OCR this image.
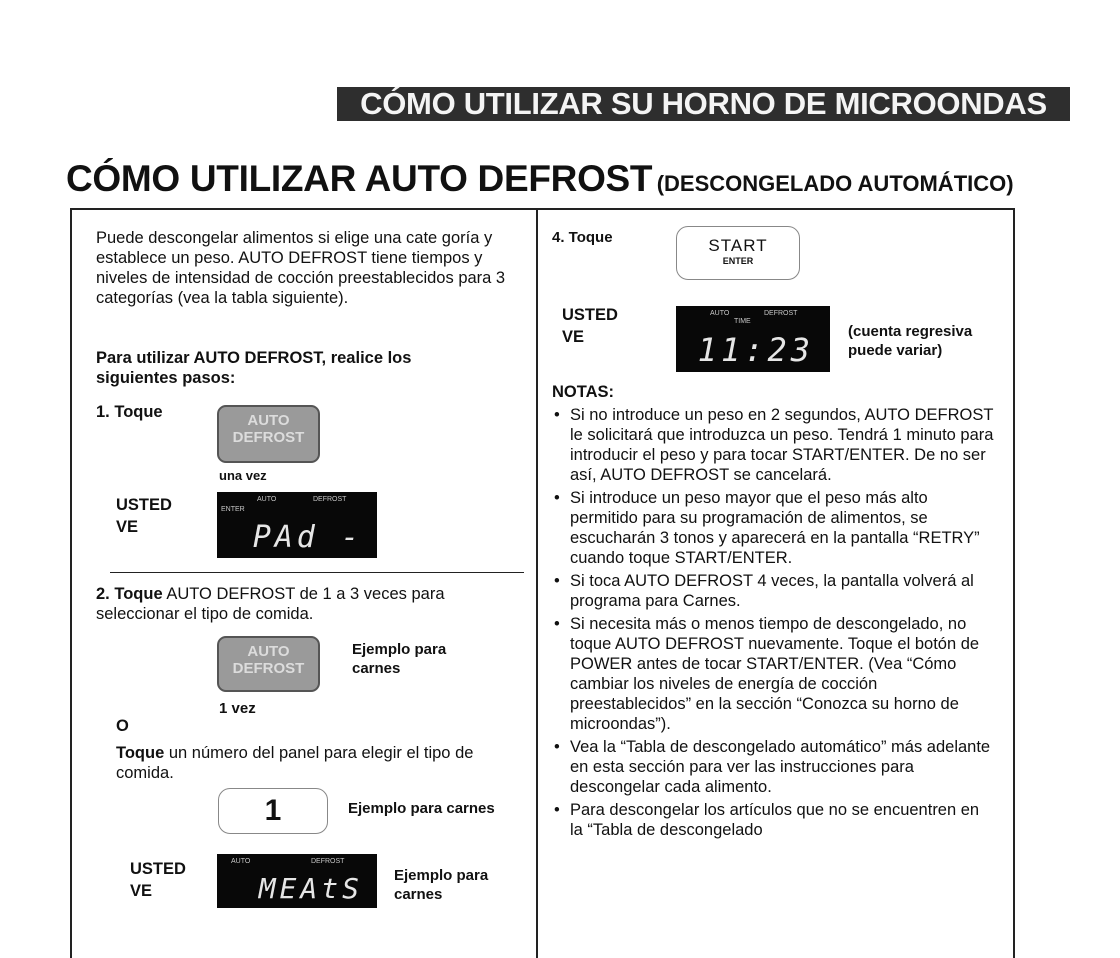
CÓMO UTILIZAR SU HORNO DE MICROONDAS
CÓMO UTILIZAR AUTO DEFROST (DESCONGELADO AUTOMÁTICO)

Puede descongelar alimentos si elige una cate goría y establece un peso. AUTO DEFROST tiene tiempos y niveles de intensidad de cocción preestablecidos para 3 categorías (vea la tabla siguiente).

Para utilizar AUTO DEFROST, realice los siguientes pasos:

1. Toque	AUTO
DEFROST
una vez
USTED
VE
ENTER
AUTO	DEFROST
PAd -

2. Toque AUTO DEFROST de 1 a 3 veces para seleccionar el tipo de comida.

AUTO
DEFROST

Ejemplo para carnes

1 vez
O

Toque un número del panel para elegir el tipo de comida.

1	Ejemplo para carnes
USTED
VE
AUTO	DEFROST
MEAtS Ejemplo para carnes

4. Toque	START
ENTER
USTED
VE
AUTO
TIME
DEFROST
11:23 (cuenta regresiva puede variar)

NOTAS:
• Si no introduce un peso en 2 segundos, AUTO DEFROST le solicitará que introduzca un peso. Tendrá 1 minuto para introducir el peso y para tocar START/ENTER. De no ser así, AUTO DEFROST se cancelará.
• Si introduce un peso mayor que el peso más alto permitido para su programación de alimentos, se escucharán 3 tonos y aparecerá en la pantalla “RETRY” cuando toque START/ENTER.
• Si toca AUTO DEFROST 4 veces, la pantalla volverá al programa para Carnes.
• Si necesita más o menos tiempo de descongelado, no toque AUTO DEFROST nuevamente. Toque el botón de POWER antes de tocar START/ENTER. (Vea “Cómo cambiar los niveles de energía de cocción preestablecidos” en la sección “Conozca su horno de microondas”).
• Vea la “Tabla de descongelado automático” más adelante en esta sección para ver las instrucciones para descongelar cada alimento.
• Para descongelar los artículos que no se encuentren en la “Tabla de descongelado
